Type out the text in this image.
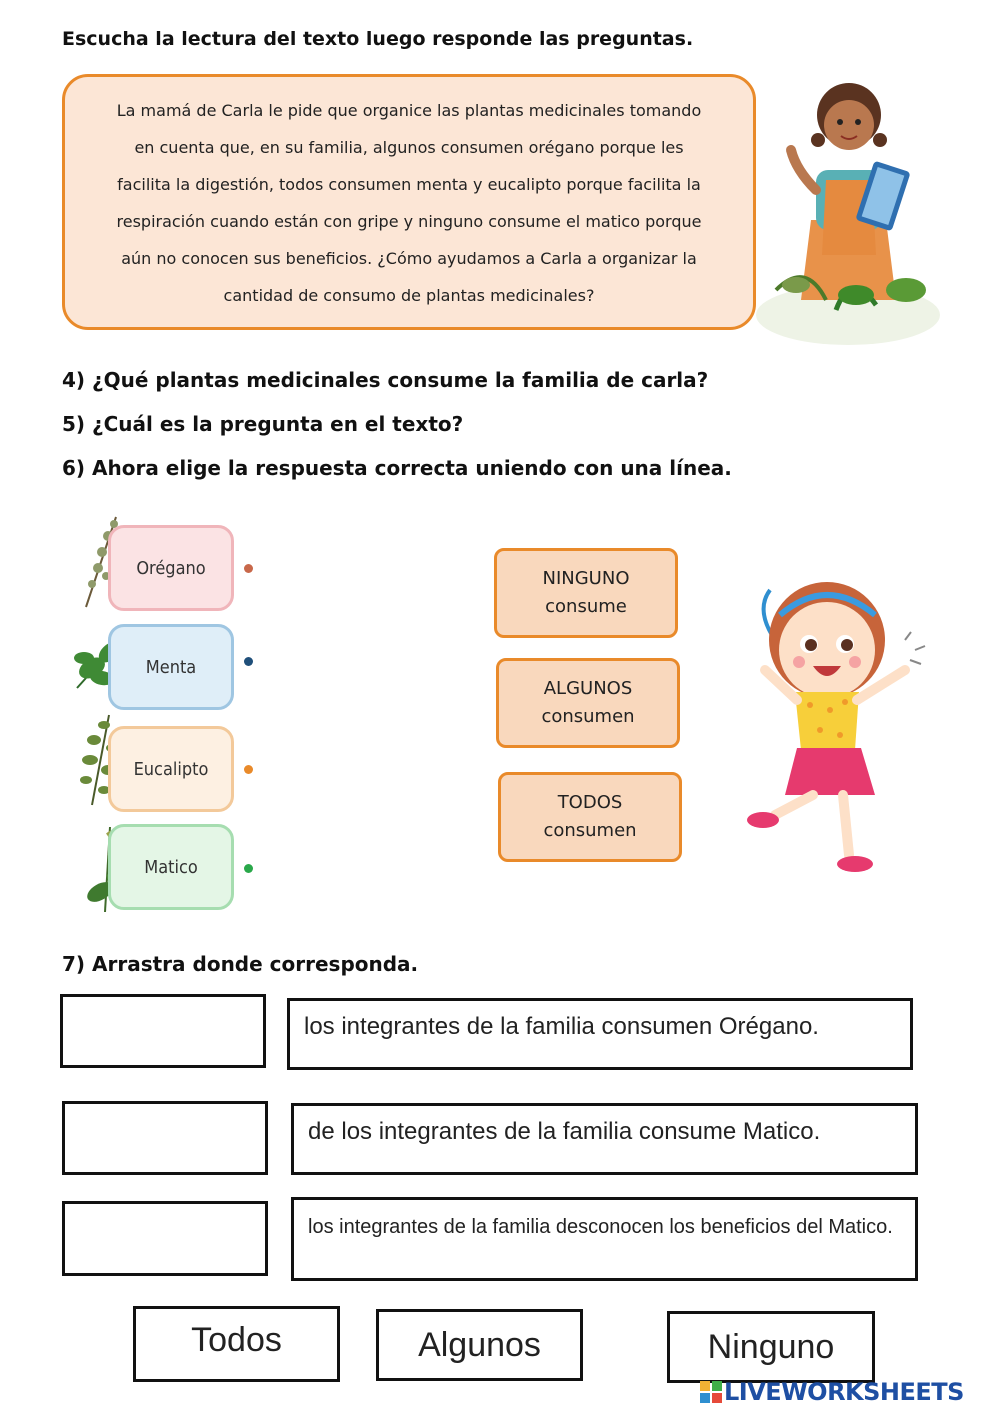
Escucha la lectura del texto luego responde las preguntas.

La mamá de Carla le pide que organice las plantas medicinales tomando

en cuenta que, en su familia, algunos consumen orégano porque les

facilita la digestión, todos consumen menta y eucalipto porque facilita la

respiración cuando están con gripe y ninguno consume el matico porque

aún no conocen sus beneficios. ¿Cómo ayudamos a Carla a organizar la

cantidad de consumo de plantas medicinales?

4) ¿Qué plantas medicinales consume la familia de carla?
5) ¿Cuál es la pregunta en el texto?
6) Ahora elige la respuesta correcta uniendo con una línea.
Orégano
Menta
Eucalipto
Matico
NINGUNO
consume
ALGUNOS
consumen
TODOS
consumen
7) Arrastra donde corresponda.
los integrantes de la familia consumen Orégano.
de los integrantes de la familia consume Matico.
los integrantes de la familia desconocen los beneficios del Matico.
Todos	Algunos	Ninguno
LIVEWORKSHEETS
